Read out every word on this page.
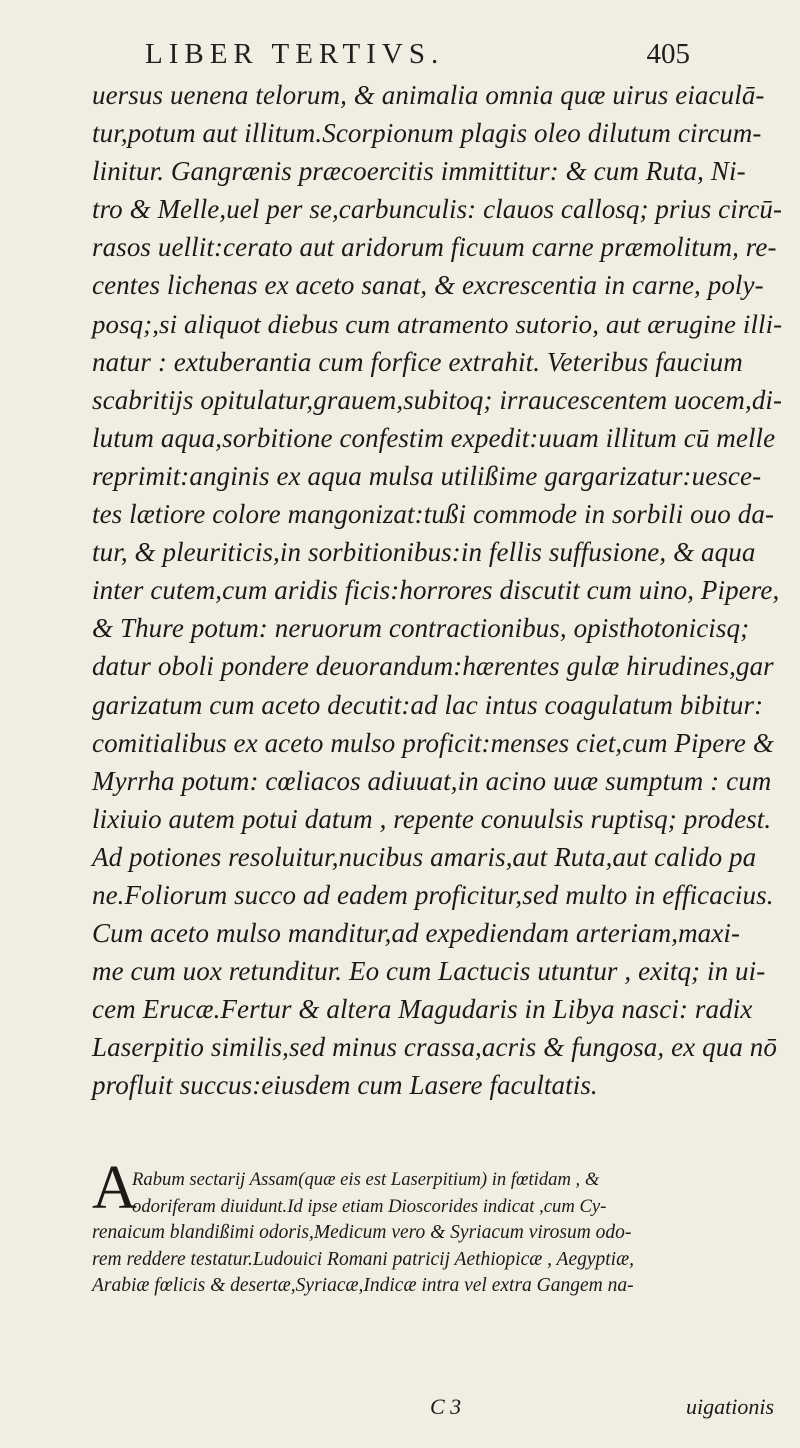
LIBER TERTIVS.	405
uersus uenena telorum, & animalia omnia quæ uirus eiaculā-
tur,potum aut illitum.Scorpionum plagis oleo dilutum circum-
linitur. Gangrænis præcoercitis immittitur: & cum Ruta, Ni-
tro & Melle,uel per se,carbunculis: clauos callosq; prius circū-
rasos uellit:cerato aut aridorum ficuum carne præmolitum, re-
centes lichenas ex aceto sanat, & excrescentia in carne, poly-
posq;,si aliquot diebus cum atramento sutorio, aut ærugine illi-
natur : extuberantia cum forfice extrahit. Veteribus faucium
scabritijs opitulatur,grauem,subitoq; irraucescentem uocem,di-
lutum aqua,sorbitione confestim expedit:uuam illitum cū melle
reprimit:anginis ex aqua mulsa utilißime gargarizatur:uesce-
tes lætiore colore mangonizat:tußi commode in sorbili ouo da-
tur, & pleuriticis,in sorbitionibus:in fellis suffusione, & aqua
inter cutem,cum aridis ficis:horrores discutit cum uino, Pipere,
& Thure potum: neruorum contractionibus, opisthotonicisq;
datur oboli pondere deuorandum:hærentes gulæ hirudines,gar
garizatum cum aceto decutit:ad lac intus coagulatum bibitur:
comitialibus ex aceto mulso proficit:menses ciet,cum Pipere &
Myrrha potum: cœliacos adiuuat,in acino uuæ sumptum : cum
lixiuio autem potui datum , repente conuulsis ruptisq; prodest.
Ad potiones resoluitur,nucibus amaris,aut Ruta,aut calido pa
ne.Foliorum succo ad eadem proficitur,sed multo in efficacius.
Cum aceto mulso manditur,ad expediendam arteriam,maxi-
me cum uox retunditur. Eo cum Lactucis utuntur , exitq; in ui-
cem Erucæ.Fertur & altera Magudaris in Libya nasci: radix
Laserpitio similis,sed minus crassa,acris & fungosa, ex qua nō
profluit succus:eiusdem cum Lasere facultatis.
A
Rabum sectarij Assam(quæ eis est Laserpitium) in fœtidam , &
odoriferam diuidunt.Id ipse etiam Dioscorides indicat ,cum Cy-
renaicum blandißimi odoris,Medicum vero & Syriacum virosum odo-
rem reddere testatur.Ludouici Romani patricij Aethiopicæ , Aegyptiæ,
Arabiæ fœlicis & desertæ,Syriacæ,Indicæ intra vel extra Gangem na-
C 3	uigationis
